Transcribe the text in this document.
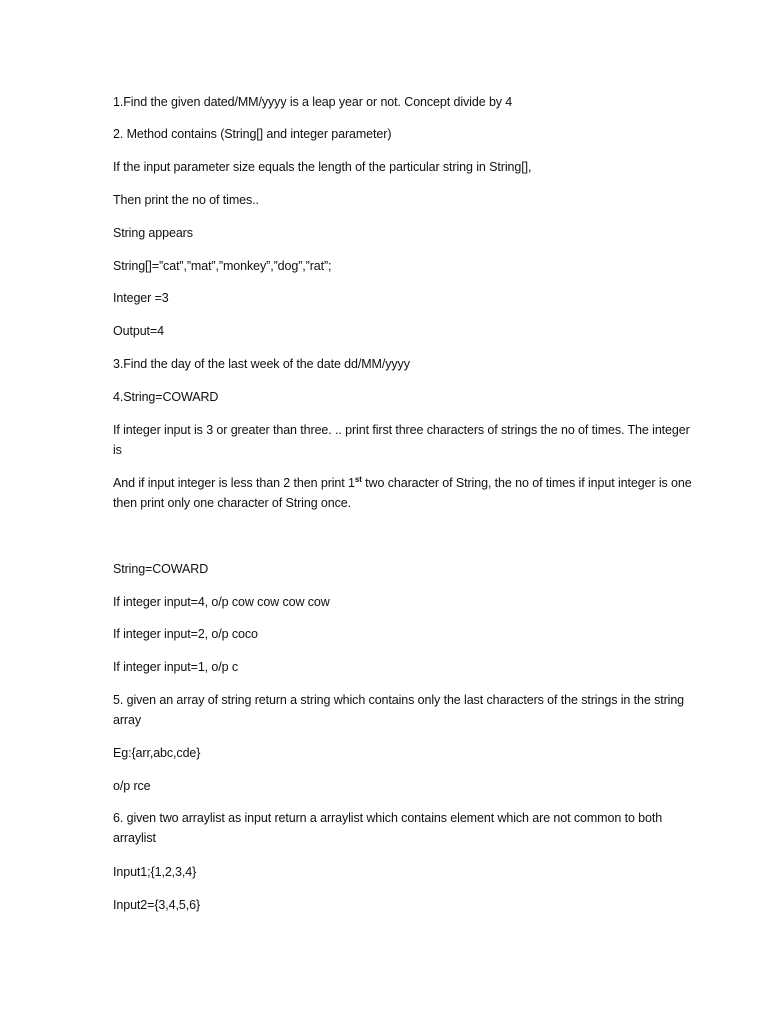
1.Find the given dated/MM/yyyy is a leap year or not. Concept divide by 4
2. Method contains (String[] and integer parameter)
If the input parameter size equals the length of the particular string in String[],
Then print the no of times..
String appears
String[]=”cat”,”mat”,”monkey”,”dog”,”rat”;
Integer =3
Output=4
3.Find the day of the last week of the date dd/MM/yyyy
4.String=COWARD
If integer input is 3 or greater than three. .. print first three characters of strings the no of times. The integer is
And if input integer is less than 2 then print 1st two character of String, the no of times if input integer is one then print only one character of String once.
String=COWARD
If integer input=4, o/p cow cow cow cow
If integer input=2, o/p coco
If integer input=1, o/p c
5. given an array of string return a string which contains only the last characters of the strings in the string array
Eg:{arr,abc,cde}
o/p rce
6. given two arraylist as input return a arraylist which contains element which are not common to both arraylist
Input1;{1,2,3,4}
Input2={3,4,5,6}
